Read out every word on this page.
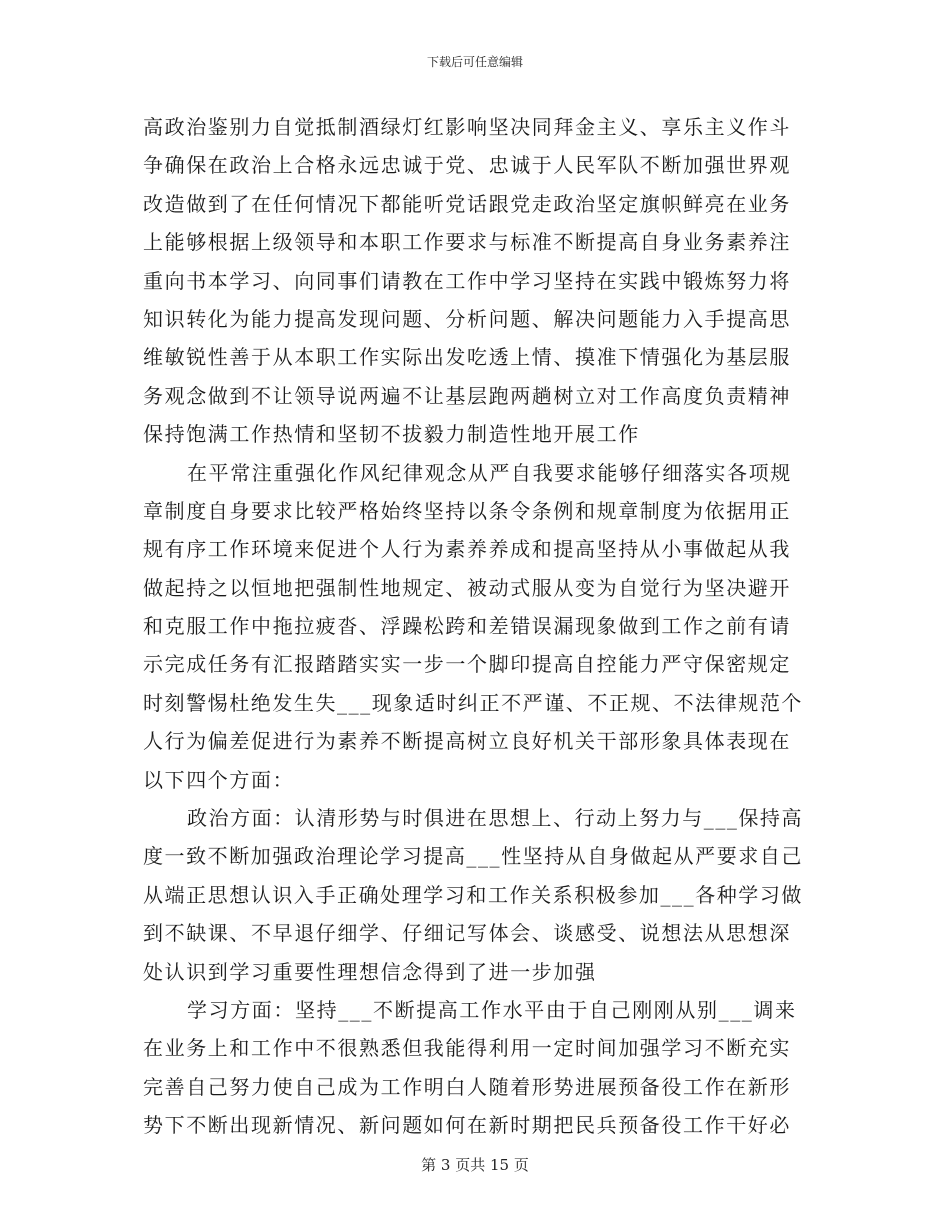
下载后可任意编辑
高政治鉴别力自觉抵制酒绿灯红影响坚决同拜金主义、享乐主义作斗
争确保在政治上合格永远忠诚于党、忠诚于人民军队不断加强世界观
改造做到了在任何情况下都能听党话跟党走政治坚定旗帜鲜亮在业务
上能够根据上级领导和本职工作要求与标准不断提高自身业务素养注
重向书本学习、向同事们请教在工作中学习坚持在实践中锻炼努力将
知识转化为能力提高发现问题、分析问题、解决问题能力入手提高思
维敏锐性善于从本职工作实际出发吃透上情、摸准下情强化为基层服
务观念做到不让领导说两遍不让基层跑两趟树立对工作高度负责精神
保持饱满工作热情和坚韧不拔毅力制造性地开展工作
在平常注重强化作风纪律观念从严自我要求能够仔细落实各项规
章制度自身要求比较严格始终坚持以条令条例和规章制度为依据用正
规有序工作环境来促进个人行为素养养成和提高坚持从小事做起从我
做起持之以恒地把强制性地规定、被动式服从变为自觉行为坚决避开
和克服工作中拖拉疲沓、浮躁松跨和差错误漏现象做到工作之前有请
示完成任务有汇报踏踏实实一步一个脚印提高自控能力严守保密规定
时刻警惕杜绝发生失___现象适时纠正不严谨、不正规、不法律规范个
人行为偏差促进行为素养不断提高树立良好机关干部形象具体表现在
以下四个方面：
政治方面：认清形势与时俱进在思想上、行动上努力与___保持高
度一致不断加强政治理论学习提高___性坚持从自身做起从严要求自己
从端正思想认识入手正确处理学习和工作关系积极参加___各种学习做
到不缺课、不早退仔细学、仔细记写体会、谈感受、说想法从思想深
处认识到学习重要性理想信念得到了进一步加强
学习方面：坚持___不断提高工作水平由于自己刚刚从别___调来
在业务上和工作中不很熟悉但我能得利用一定时间加强学习不断充实
完善自己努力使自己成为工作明白人随着形势进展预备役工作在新形
势下不断出现新情况、新问题如何在新时期把民兵预备役工作干好必
第 3 页共 15 页
